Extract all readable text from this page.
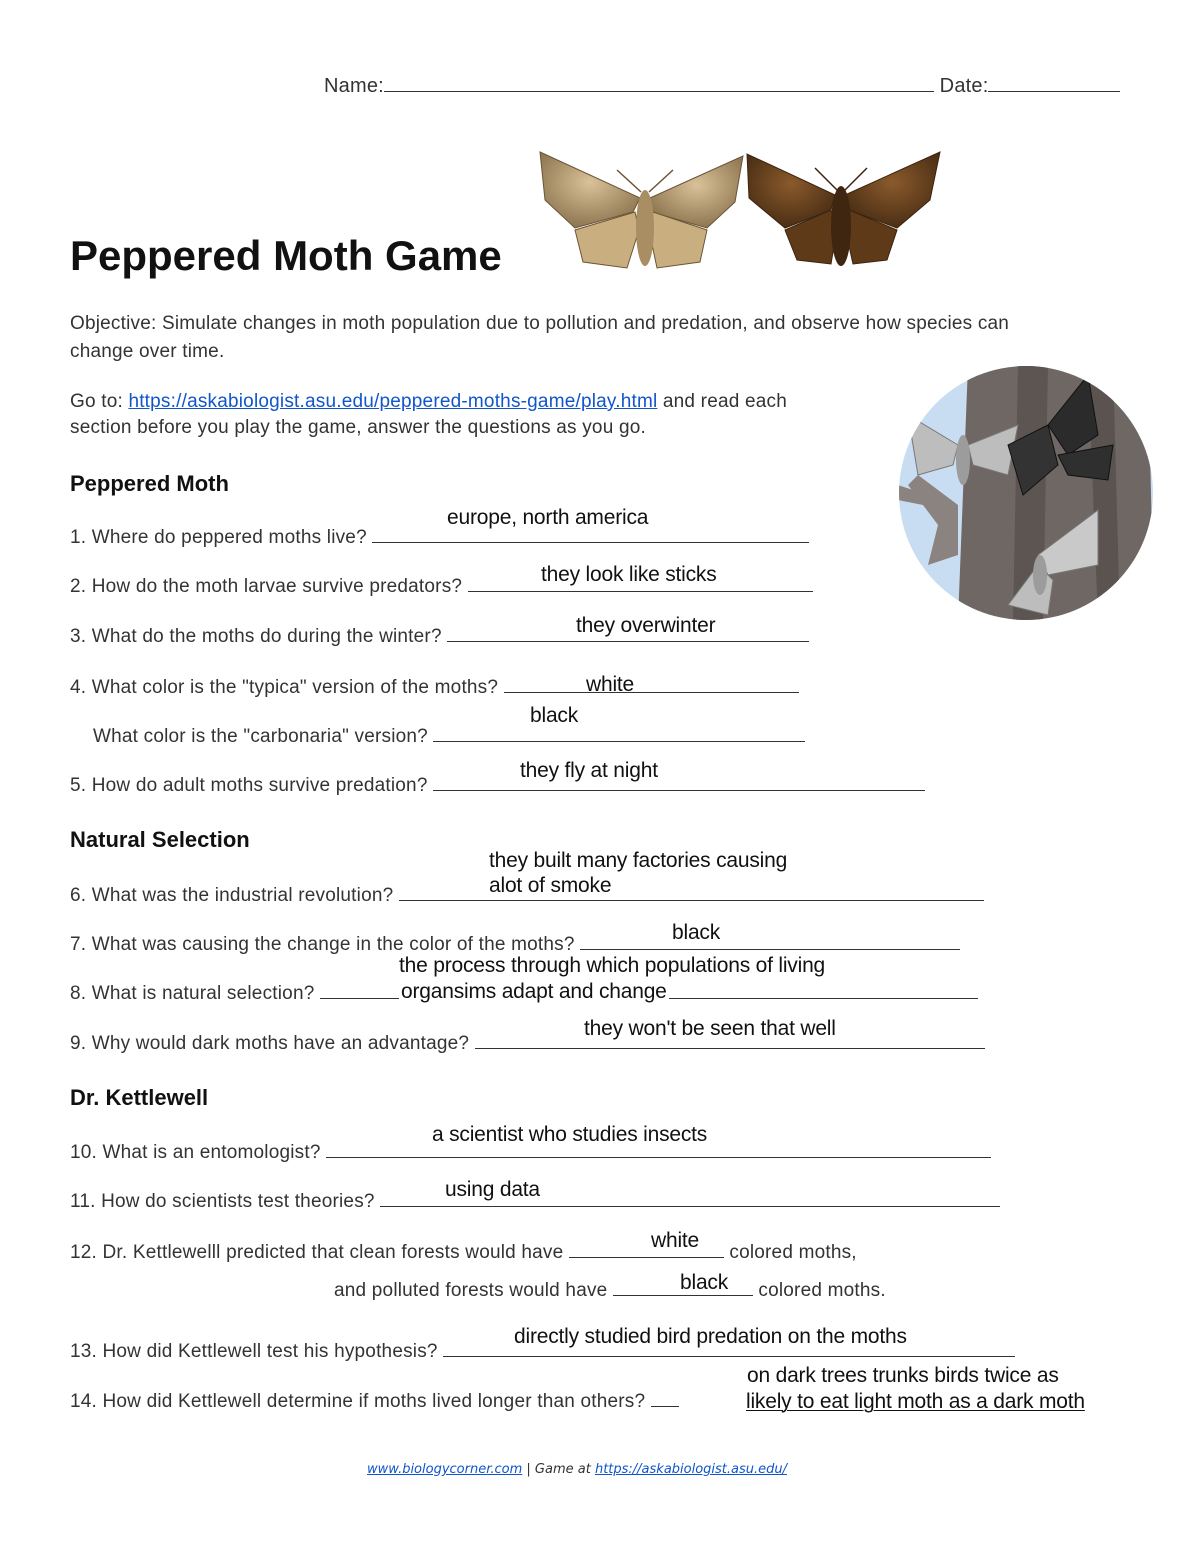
Name:	Date:
Peppered Moth Game
Objective: Simulate changes in moth population due to pollution and predation, and observe how species can
change over time.
Go to: https://askabiologist.asu.edu/peppered-moths-game/play.html and read each
section before you play the game, answer the questions as you go.
Peppered Moth
europe, north america
1. Where do peppered moths live?
they look like sticks
2. How do the moth larvae survive predators?
they overwinter
3. What do the moths do during the winter?
white
4. What color is the "typica" version of the moths?
black
What color is the "carbonaria" version?
they fly at night
5. How do adult moths survive predation?
Natural Selection
they built many factories causing
alot of smoke
6. What was the industrial revolution?
black
7. What was causing the change in the color of the moths?
the process through which populations of living
8. What is natural selection?	organsims adapt and change
they won't be seen that well
9. Why would dark moths have an advantage?
Dr. Kettlewell
a scientist who studies insects
10. What is an entomologist?
using data
11. How do scientists test theories?
white
12. Dr. Kettlewelll predicted that clean forests would have	colored moths,
black
and polluted forests would have	colored moths.
directly studied bird predation on the moths
13. How did Kettlewell test his hypothesis?
on dark trees trunks birds twice as
14. How did Kettlewell determine if moths lived longer than others?	likely to eat light moth as a dark moth
www.biologycorner.com | Game at https://askabiologist.asu.edu/
